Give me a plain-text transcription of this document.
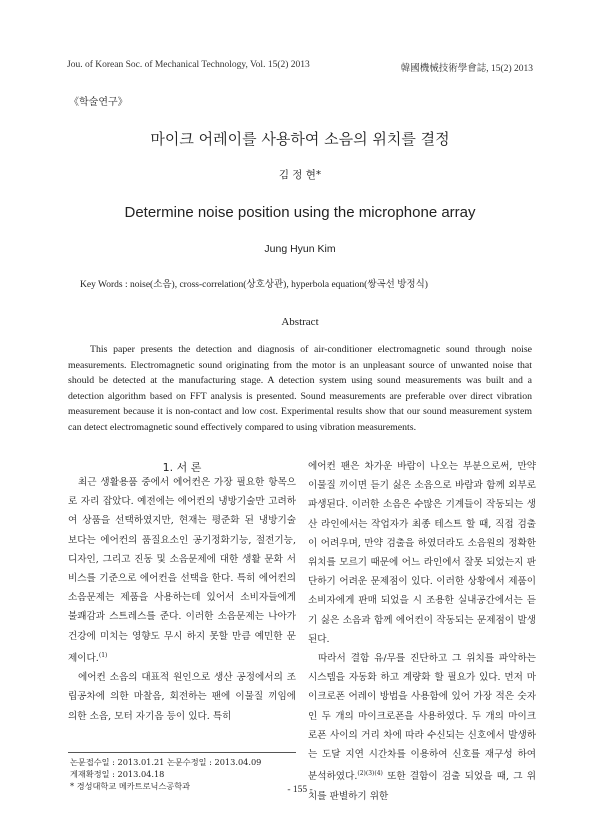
Jou. of Korean Soc. of Mechanical Technology, Vol. 15(2) 2013	韓國機械技術學會誌, 15(2) 2013
《학술연구》
마이크 어레이를 사용하여 소음의 위치를 결정
김 정 현*
Determine noise position using the microphone array
Jung Hyun Kim
Key Words : noise(소음), cross-correlation(상호상관), hyperbola equation(쌍곡선 방정식)
Abstract

This paper presents the detection and diagnosis of air-conditioner electromagnetic sound through noise measurements. Electromagnetic sound originating from the motor is an unpleasant source of unwanted noise that should be detected at the manufacturing stage. A detection system using sound measurements was built and a detection algorithm based on FFT analysis is presented. Sound measurements are preferable over direct vibration measurement because it is non-contact and low cost. Experimental results show that our sound measurement system can detect electromagnetic sound effectively compared to using vibration measurements.

1. 서 론

최근 생활용품 중에서 에어컨은 가장 필요한 항목으로 자리 잡았다. 예전에는 에어컨의 냉방기술만 고려하여 상품을 선택하였지만, 현재는 평준화 된 냉방기술 보다는 에어컨의 품질요소인 공기정화기능, 절전기능, 디자인, 그리고 진동 및 소음문제에 대한 생활 문화 서비스를 기준으로 에어컨을 선택을 한다. 특히 에어컨의 소음문제는 제품을 사용하는데 있어서 소비자들에게 불쾌감과 스트레스를 준다. 이러한 소음문제는 나아가 건강에 미치는 영향도 무시 하지 못할 만큼 예민한 문제이다.$^{(1)}$

에어컨 소음의 대표적 원인으로 생산 공정에서의 조립공차에 의한 마찰음, 회전하는 팬에 이물질 끼임에 의한 소음, 모터 자기음 등이 있다. 특히

에어컨 팬은 차가운 바람이 나오는 부분으로써, 만약 이물질 끼이면 듣기 싫은 소음으로 바람과 함께 외부로 파생된다. 이러한 소음은 수많은 기계들이 작동되는 생산 라인에서는 작업자가 최종 테스트 할 때, 직접 검출이 어려우며, 만약 검출을 하였더라도 소음원의 정확한 위치를 모르기 때문에 어느 라인에서 잘못 되었는지 판단하기 어려운 문제점이 있다. 이러한 상황에서 제품이 소비자에게 판매 되었을 시 조용한 실내공간에서는 듣기 싫은 소음과 함께 에어컨이 작동되는 문제점이 발생된다.

따라서 결함 유/무를 진단하고 그 위치를 파악하는 시스템을 자동화 하고 계량화 할 필요가 있다. 먼저 마이크로폰 어레이 방법을 사용함에 있어 가장 적은 숫자인 두 개의 마이크로폰을 사용하였다. 두 개의 마이크로폰 사이의 거리 차에 따라 수신되는 신호에서 발생하는 도달 지연 시간차를 이용하여 신호를 재구성 하여 분석하였다.$^{(2)(3)(4)}$ 또한 결함이 검출 되었을 때, 그 위치를 판별하기 위한

논문접수일 : 2013.01.21 논문수정일 : 2013.04.09
게재확정일 : 2013.04.18
* 경성대학교 메카트로닉스공학과	- 155 -
